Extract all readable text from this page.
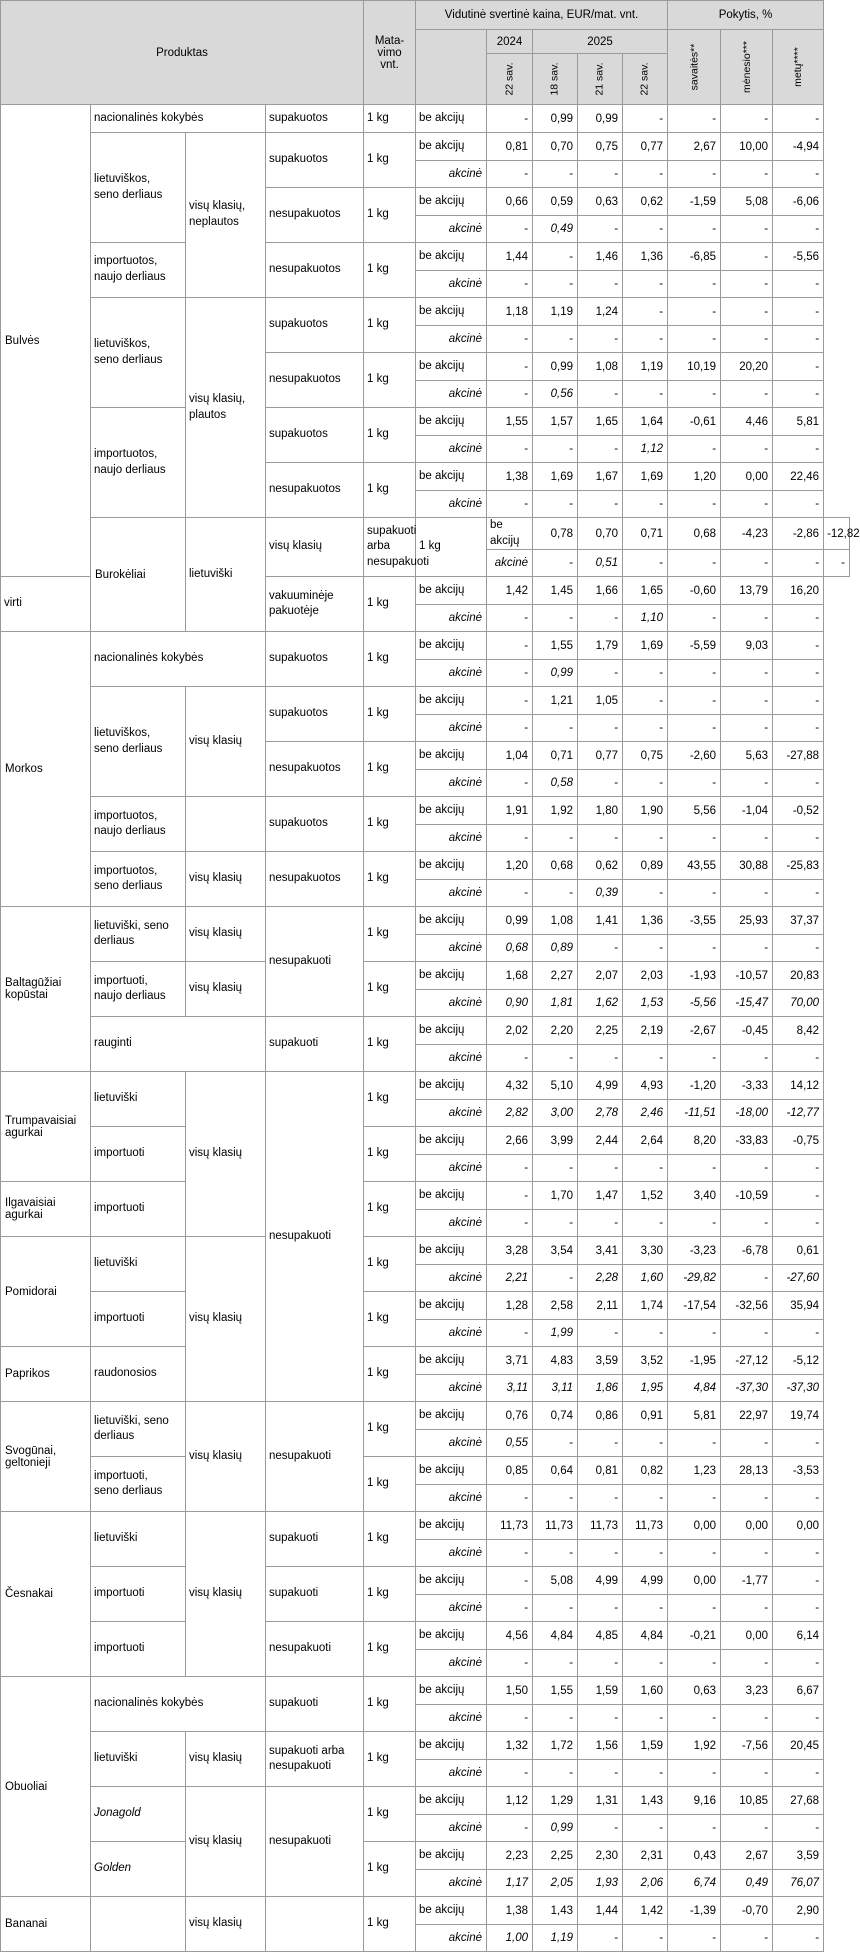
Produktas				Mata-
vimo
vnt.	Vidutinė svertinė kaina, EUR/mat. vnt.					Pokytis, %			
						2024	2025			savaitės**	mėnesio***	metų****	
						22 sav.	18 sav.	21 sav.	22 sav.				
Bulvės	nacionalinės kokybės		supakuotos	1 kg	be akcijų	-	0,99	0,99	-	-	-	-	
	lietuviškos,
seno derliaus	visų klasių,
neplautos	supakuotos	1 kg	be akcijų	0,81	0,70	0,75	0,77	2,67	10,00	-4,94	
					akcinė	-	-	-	-	-	-	-	
			nesupakuotos	1 kg	be akcijų	0,66	0,59	0,63	0,62	-1,59	5,08	-6,06	
					akcinė	-	0,49	-	-	-	-	-	
	importuotos,
naujo derliaus		nesupakuotos	1 kg	be akcijų	1,44	-	1,46	1,36	-6,85	-	-5,56	
					akcinė	-	-	-	-	-	-	-	
	lietuviškos,
seno derliaus	visų klasių,
plautos	supakuotos	1 kg	be akcijų	1,18	1,19	1,24	-	-	-	-	
					akcinė	-	-	-	-	-	-	-	
			nesupakuotos	1 kg	be akcijų	-	0,99	1,08	1,19	10,19	20,20	-	
					akcinė	-	0,56	-	-	-	-	-	
	importuotos,
naujo derliaus		supakuotos	1 kg	be akcijų	1,55	1,57	1,65	1,64	-0,61	4,46	5,81	
					akcinė	-	-	-	1,12	-	-	-	
			nesupakuotos	1 kg	be akcijų	1,38	1,69	1,67	1,69	1,20	0,00	22,46	
					akcinė	-	-	-	-	-	-	-	
	Burokėliai	lietuviški	visų klasių	supakuoti arba
nesupakuoti	1 kg	be akcijų	0,78	0,70	0,71	0,68	-4,23	-2,86	-12,82
						akcinė	-	0,51	-	-	-	-	-
virti			vakuuminėje
pakuotėje	1 kg	be akcijų	1,42	1,45	1,66	1,65	-0,60	13,79	16,20	
					akcinė	-	-	-	1,10	-	-	-	
Morkos	nacionalinės kokybės		supakuotos	1 kg	be akcijų	-	1,55	1,79	1,69	-5,59	9,03	-	
					akcinė	-	0,99	-	-	-	-	-	
	lietuviškos,
seno derliaus	visų klasių	supakuotos	1 kg	be akcijų	-	1,21	1,05	-	-	-	-	
					akcinė	-	-	-	-	-	-	-	
			nesupakuotos	1 kg	be akcijų	1,04	0,71	0,77	0,75	-2,60	5,63	-27,88	
					akcinė	-	0,58	-	-	-	-	-	
	importuotos,
naujo derliaus		supakuotos	1 kg	be akcijų	1,91	1,92	1,80	1,90	5,56	-1,04	-0,52	
					akcinė	-	-	-	-	-	-	-	
	importuotos,
seno derliaus	visų klasių	nesupakuotos	1 kg	be akcijų	1,20	0,68	0,62	0,89	43,55	30,88	-25,83	
					akcinė	-	-	0,39	-	-	-	-	
Baltagūžiai
kopūstai	lietuviški, seno
derliaus	visų klasių	nesupakuoti	1 kg	be akcijų	0,99	1,08	1,41	1,36	-3,55	25,93	37,37	
					akcinė	0,68	0,89	-	-	-	-	-	
	importuoti,
naujo derliaus	visų klasių		1 kg	be akcijų	1,68	2,27	2,07	2,03	-1,93	-10,57	20,83	
					akcinė	0,90	1,81	1,62	1,53	-5,56	-15,47	70,00	
	rauginti		supakuoti	1 kg	be akcijų	2,02	2,20	2,25	2,19	-2,67	-0,45	8,42	
					akcinė	-	-	-	-	-	-	-	
Trumpavaisiai
agurkai	lietuviški	visų klasių	nesupakuoti	1 kg	be akcijų	4,32	5,10	4,99	4,93	-1,20	-3,33	14,12	
					akcinė	2,82	3,00	2,78	2,46	-11,51	-18,00	-12,77	
	importuoti			1 kg	be akcijų	2,66	3,99	2,44	2,64	8,20	-33,83	-0,75	
					akcinė	-	-	-	-	-	-	-	
Ilgavaisiai
agurkai	importuoti			1 kg	be akcijų	-	1,70	1,47	1,52	3,40	-10,59	-	
					akcinė	-	-	-	-	-	-	-	
Pomidorai	lietuviški	visų klasių		1 kg	be akcijų	3,28	3,54	3,41	3,30	-3,23	-6,78	0,61	
					akcinė	2,21	-	2,28	1,60	-29,82	-	-27,60	
	importuoti			1 kg	be akcijų	1,28	2,58	2,11	1,74	-17,54	-32,56	35,94	
					akcinė	-	1,99	-	-	-	-	-	
Paprikos	raudonosios			1 kg	be akcijų	3,71	4,83	3,59	3,52	-1,95	-27,12	-5,12	
					akcinė	3,11	3,11	1,86	1,95	4,84	-37,30	-37,30	
Svogūnai,
geltonieji	lietuviški, seno
derliaus	visų klasių	nesupakuoti	1 kg	be akcijų	0,76	0,74	0,86	0,91	5,81	22,97	19,74	
					akcinė	0,55	-	-	-	-	-	-	
	importuoti,
seno derliaus			1 kg	be akcijų	0,85	0,64	0,81	0,82	1,23	28,13	-3,53	
					akcinė	-	-	-	-	-	-	-	
Česnakai	lietuviški	visų klasių	supakuoti	1 kg	be akcijų	11,73	11,73	11,73	11,73	0,00	0,00	0,00	
					akcinė	-	-	-	-	-	-	-	
	importuoti		supakuoti	1 kg	be akcijų	-	5,08	4,99	4,99	0,00	-1,77	-	
					akcinė	-	-	-	-	-	-	-	
	importuoti		nesupakuoti	1 kg	be akcijų	4,56	4,84	4,85	4,84	-0,21	0,00	6,14	
					akcinė	-	-	-	-	-	-	-	
Obuoliai	nacionalinės kokybės		supakuoti	1 kg	be akcijų	1,50	1,55	1,59	1,60	0,63	3,23	6,67	
					akcinė	-	-	-	-	-	-	-	
	lietuviški	visų klasių	supakuoti arba
nesupakuoti	1 kg	be akcijų	1,32	1,72	1,56	1,59	1,92	-7,56	20,45	
					akcinė	-	-	-	-	-	-	-	
	Jonagold	visų klasių	nesupakuoti	1 kg	be akcijų	1,12	1,29	1,31	1,43	9,16	10,85	27,68	
					akcinė	-	0,99	-	-	-	-	-	
	Golden			1 kg	be akcijų	2,23	2,25	2,30	2,31	0,43	2,67	3,59	
					akcinė	1,17	2,05	1,93	2,06	6,74	0,49	76,07	
Bananai		visų klasių		1 kg	be akcijų	1,38	1,43	1,44	1,42	-1,39	-0,70	2,90	
					akcinė	1,00	1,19	-	-	-	-	-	
